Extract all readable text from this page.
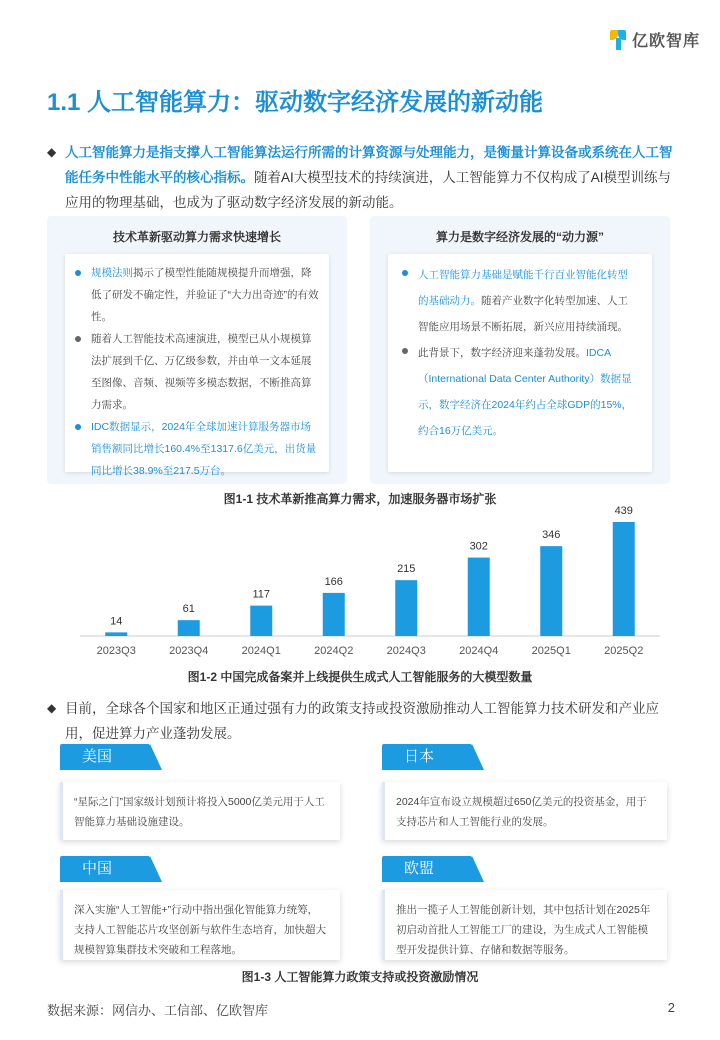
亿欧智库
1.1 人工智能算力：驱动数字经济发展的新动能
◆ 人工智能算力是指支撑人工智能算法运行所需的计算资源与处理能力，是衡量计算设备或系统在人工智能任务中性能水平的核心指标。随着AI大模型技术的持续演进，人工智能算力不仅构成了AI模型训练与应用的物理基础，也成为了驱动数字经济发展的新动能。
技术革新驱动算力需求快速增长
规模法则揭示了模型性能随规模提升而增强，降低了研发不确定性，并验证了“大力出奇迹”的有效性。
随着人工智能技术高速演进，模型已从小规模算法扩展到千亿、万亿级参数，并由单一文本延展至图像、音频、视频等多模态数据，不断推高算力需求。
IDC数据显示，2024年全球加速计算服务器市场销售额同比增长160.4%至1317.6亿美元，出货量同比增长38.9%至217.5万台。
算力是数字经济发展的“动力源”
人工智能算力基础是赋能千行百业智能化转型的基础动力。随着产业数字化转型加速、人工智能应用场景不断拓展，新兴应用持续涌现。
此背景下，数字经济迎来蓬勃发展。IDCA（International Data Center Authority）数据显示，数字经济在2024年约占全球GDP的15%，约合16万亿美元。
图1-1 技术革新推高算力需求，加速服务器市场扩张
14
2023Q3
61
2023Q4
117
2024Q1
166
2024Q2
215
2024Q3
302
2024Q4
346
2025Q1
439
2025Q2
图1-2 中国完成备案并上线提供生成式人工智能服务的大模型数量
◆ 目前，全球各个国家和地区正通过强有力的政策支持或投资激励推动人工智能算力技术研发和产业应用，促进算力产业蓬勃发展。
美国
“星际之门”国家级计划预计将投入5000亿美元用于人工智能算力基础设施建设。
日本
2024年宣布设立规模超过650亿美元的投资基金，用于支持芯片和人工智能行业的发展。
中国
深入实施“人工智能+”行动中指出强化智能算力统筹，支持人工智能芯片攻坚创新与软件生态培育，加快超大规模智算集群技术突破和工程落地。
欧盟
推出一揽子人工智能创新计划，其中包括计划在2025年初启动首批人工智能工厂的建设，为生成式人工智能模型开发提供计算、存储和数据等服务。
图1-3 人工智能算力政策支持或投资激励情况
数据来源：网信办、工信部、亿欧智库	2
